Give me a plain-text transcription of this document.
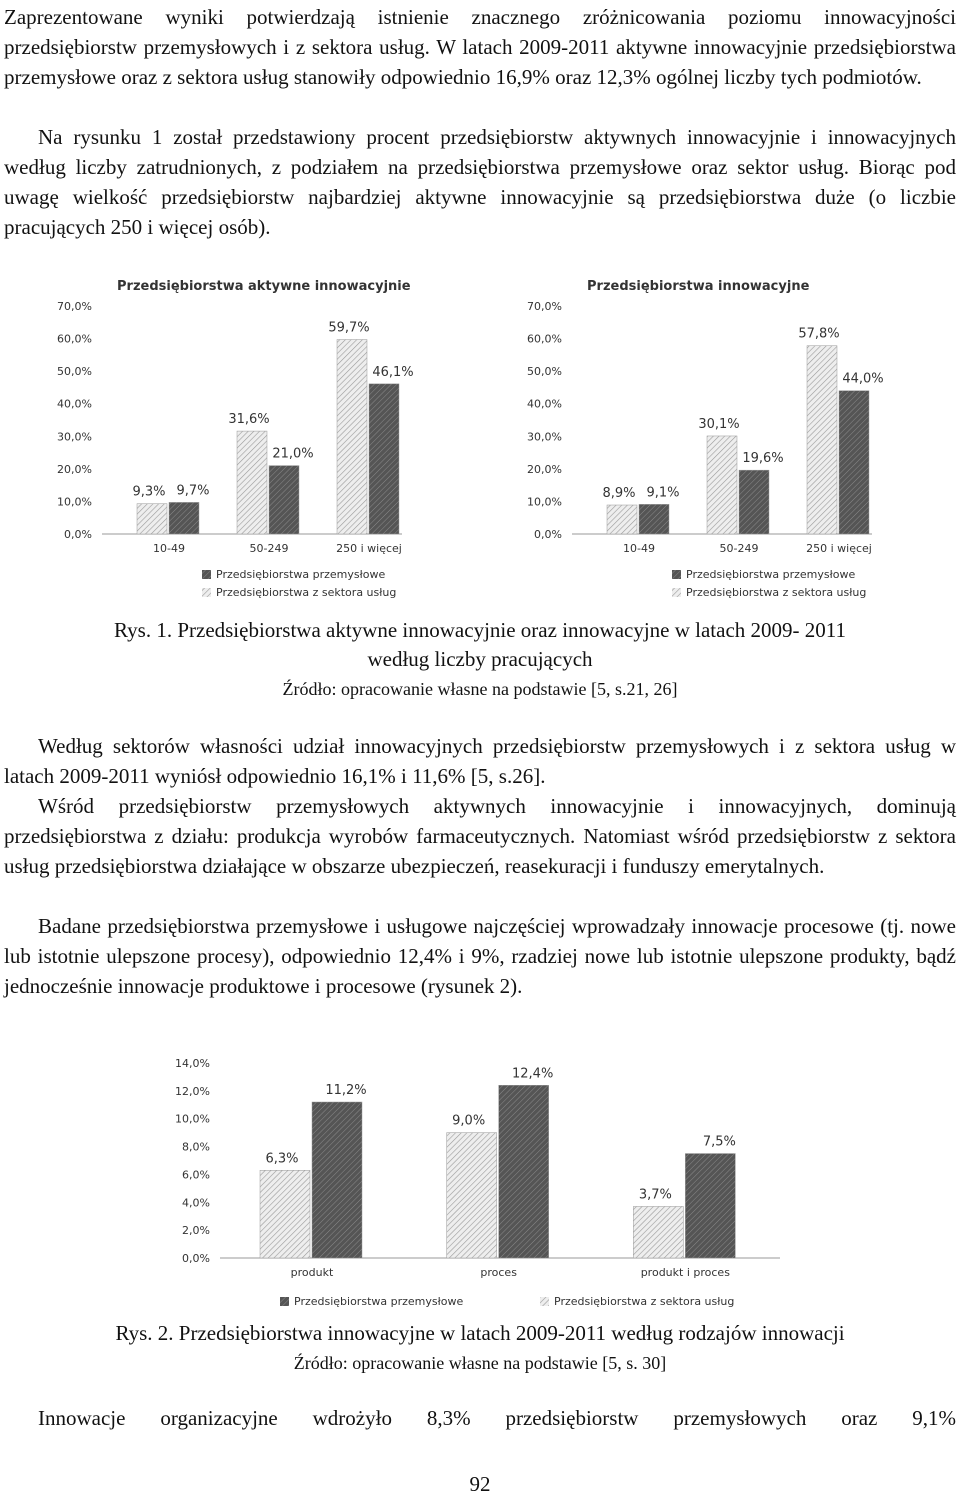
Zaprezentowane wyniki potwierdzają istnienie znacznego zróżnicowania poziomu innowacyjności przedsiębiorstw przemysłowych i z sektora usług. W latach 2009-2011 aktywne innowacyjnie przedsiębiorstwa przemysłowe oraz z sektora usług stanowiły odpowiednio 16,9% oraz 12,3% ogólnej liczby tych podmiotów.
Na rysunku 1 został przedstawiony procent przedsiębiorstw aktywnych innowacyjnie i innowacyjnych według liczby zatrudnionych, z podziałem na przedsiębiorstwa przemysłowe oraz sektor usług. Biorąc pod uwagę wielkość przedsiębiorstw najbardziej aktywne innowacyjnie są przedsiębiorstwa duże (o liczbie pracujących 250 i więcej osób).
Przedsiębiorstwa aktywne innowacyjnie
0,0%
10,0%
20,0%
30,0%
40,0%
50,0%
60,0%
70,0%
9,3% 9,7%
10-49
31,6%
21,0%
50-249
59,7%
46,1%
250 i więcej
Przedsiębiorstwa przemysłowe
Przedsiębiorstwa z sektora usług
Przedsiębiorstwa innowacyjne
0,0%
10,0%
20,0%
30,0%
40,0%
50,0%
60,0%
70,0%
8,9% 9,1%
10-49
30,1%
19,6%
50-249
57,8%
44,0%
250 i więcej
Przedsiębiorstwa przemysłowe
Przedsiębiorstwa z sektora usług
Rys. 1. Przedsiębiorstwa aktywne innowacyjnie oraz innowacyjne w latach 2009- 2011
według liczby pracujących
Źródło: opracowanie własne na podstawie [5, s.21, 26]
Według sektorów własności udział innowacyjnych przedsiębiorstw przemysłowych i z sektora usług w latach 2009-2011 wyniósł odpowiednio 16,1% i 11,6% [5, s.26].
Wśród przedsiębiorstw przemysłowych aktywnych innowacyjnie i innowacyjnych, dominują przedsiębiorstwa z działu: produkcja wyrobów farmaceutycznych. Natomiast wśród przedsiębiorstw z sektora usług przedsiębiorstwa działające w obszarze ubezpieczeń, reasekuracji i funduszy emerytalnych.
Badane przedsiębiorstwa przemysłowe i usługowe najczęściej wprowadzały innowacje procesowe (tj. nowe lub istotnie ulepszone procesy), odpowiednio 12,4% i 9%, rzadziej nowe lub istotnie ulepszone produkty, bądź jednocześnie innowacje produktowe i procesowe (rysunek 2).
0,0%
2,0%
4,0%
6,0%
8,0%
10,0%
12,0%
14,0%
6,3%
11,2%
produkt
9,0%
12,4%
proces
3,7%
7,5%
produkt i proces
Przedsiębiorstwa przemysłowe	Przedsiębiorstwa z sektora usług
Rys. 2. Przedsiębiorstwa innowacyjne w latach 2009-2011 według rodzajów innowacji
Źródło: opracowanie własne na podstawie [5, s. 30]
Innowacje organizacyjne wdrożyło 8,3% przedsiębiorstw przemysłowych oraz 9,1%
92
